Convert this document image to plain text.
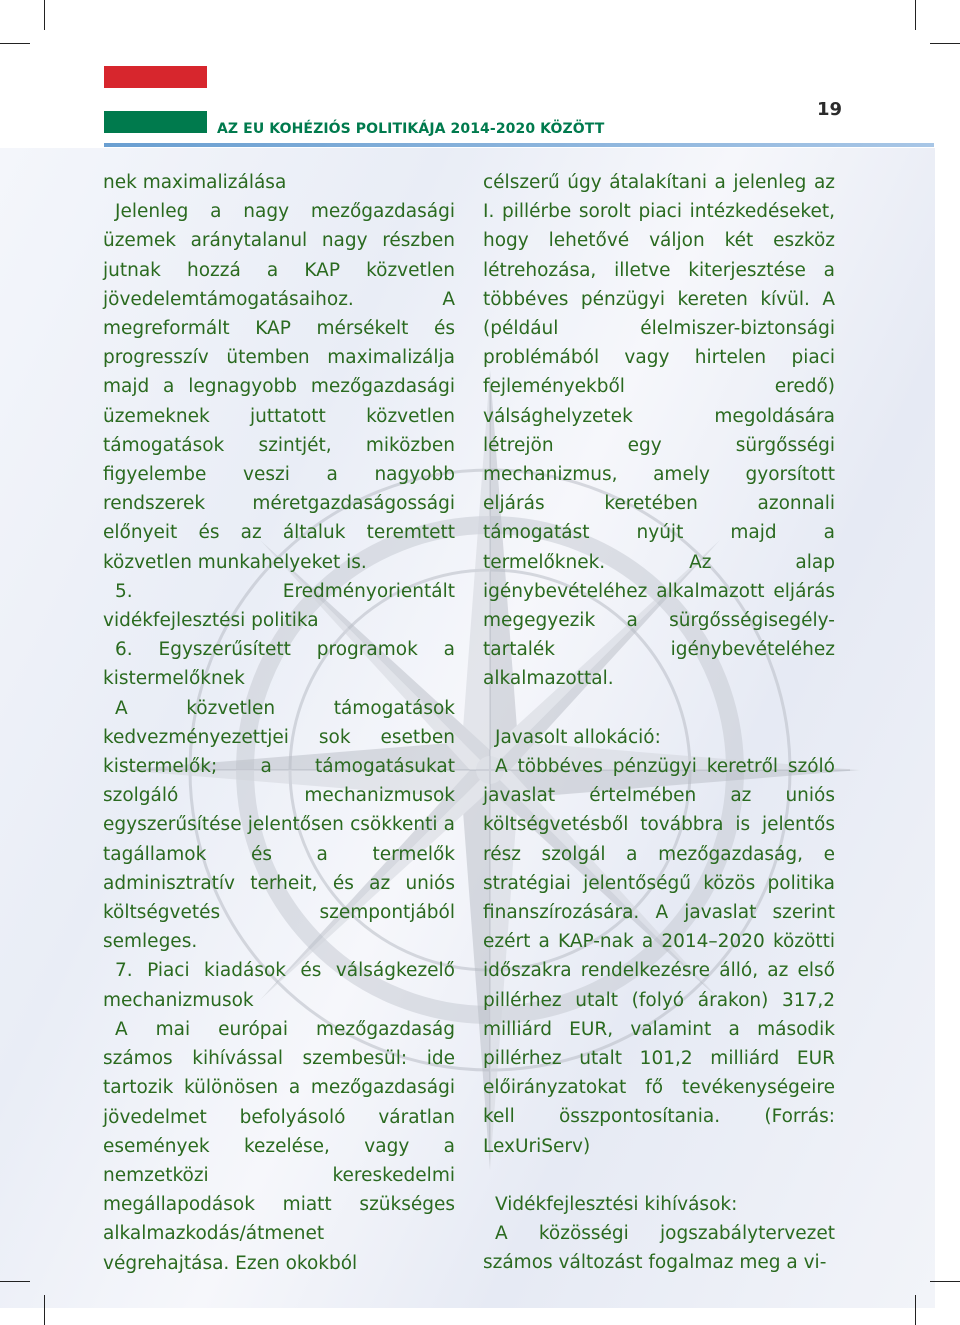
AZ EU KOHÉZIÓS POLITIKÁJA 2014-2020 KÖZÖTT
19

nek maximalizálása

Jelenleg a nagy mezőgazdasági üzemek aránytalanul nagy részben jutnak hozzá a KAP közvetlen jövedelemtámogatásaihoz. A megreformált KAP mérsékelt és progresszív ütemben maximalizálja majd a legnagyobb mezőgazdasági üzemeknek juttatott közvetlen támogatások szintjét, miközben figyelembe veszi a nagyobb rendszerek méretgazdaságossági előnyeit és az általuk teremtett közvetlen munkahelyeket is.

5. Eredményorientált vidékfejlesztési politika

6. Egyszerűsített programok a kistermelőknek

A közvetlen támogatások kedvezményezettjei sok esetben kistermelők; a támogatásukat szolgáló mechanizmusok egyszerűsítése jelentősen csökkenti a tagállamok és a termelők adminisztratív terheit, és az uniós költségvetés szempontjából semleges.

7. Piaci kiadások és válságkezelő mechanizmusok

A mai európai mezőgazdaság számos kihívással szembesül: ide tartozik különösen a mezőgazdasági jövedelmet befolyásoló váratlan események kezelése, vagy a nemzetközi kereskedelmi megállapodások miatt szükséges alkalmazkodás/átmenet végrehajtása. Ezen okokból

célszerű úgy átalakítani a jelenleg az I. pillérbe sorolt piaci intézkedéseket, hogy lehetővé váljon két eszköz létrehozása, illetve kiterjesztése a többéves pénzügyi kereten kívül. A (például élelmiszer-biztonsági problémából vagy hirtelen piaci fejleményekből eredő) válsághelyzetek megoldására létrejön egy sürgősségi mechanizmus, amely gyorsított eljárás keretében azonnali támogatást nyújt majd a termelőknek. Az alap igénybevételéhez alkalmazott eljárás megegyezik a sürgősségisegély-tartalék igénybevételéhez alkalmazottal.

Javasolt allokáció:

A többéves pénzügyi keretről szóló javaslat értelmében az uniós költségvetésből továbbra is jelentős rész szolgál a mezőgazdaság, e stratégiai jelentőségű közös politika finanszírozására. A javaslat szerint ezért a KAP-nak a 2014–2020 közötti időszakra rendelkezésre álló, az első pillérhez utalt (folyó árakon) 317,2 milliárd EUR, valamint a második pillérhez utalt 101,2 milliárd EUR előirányzatokat fő tevékenységeire kell összpontosítania. (Forrás: LexUriServ)

Vidékfejlesztési kihívások:

A közösségi jogszabálytervezet számos változást fogalmaz meg a vi-
